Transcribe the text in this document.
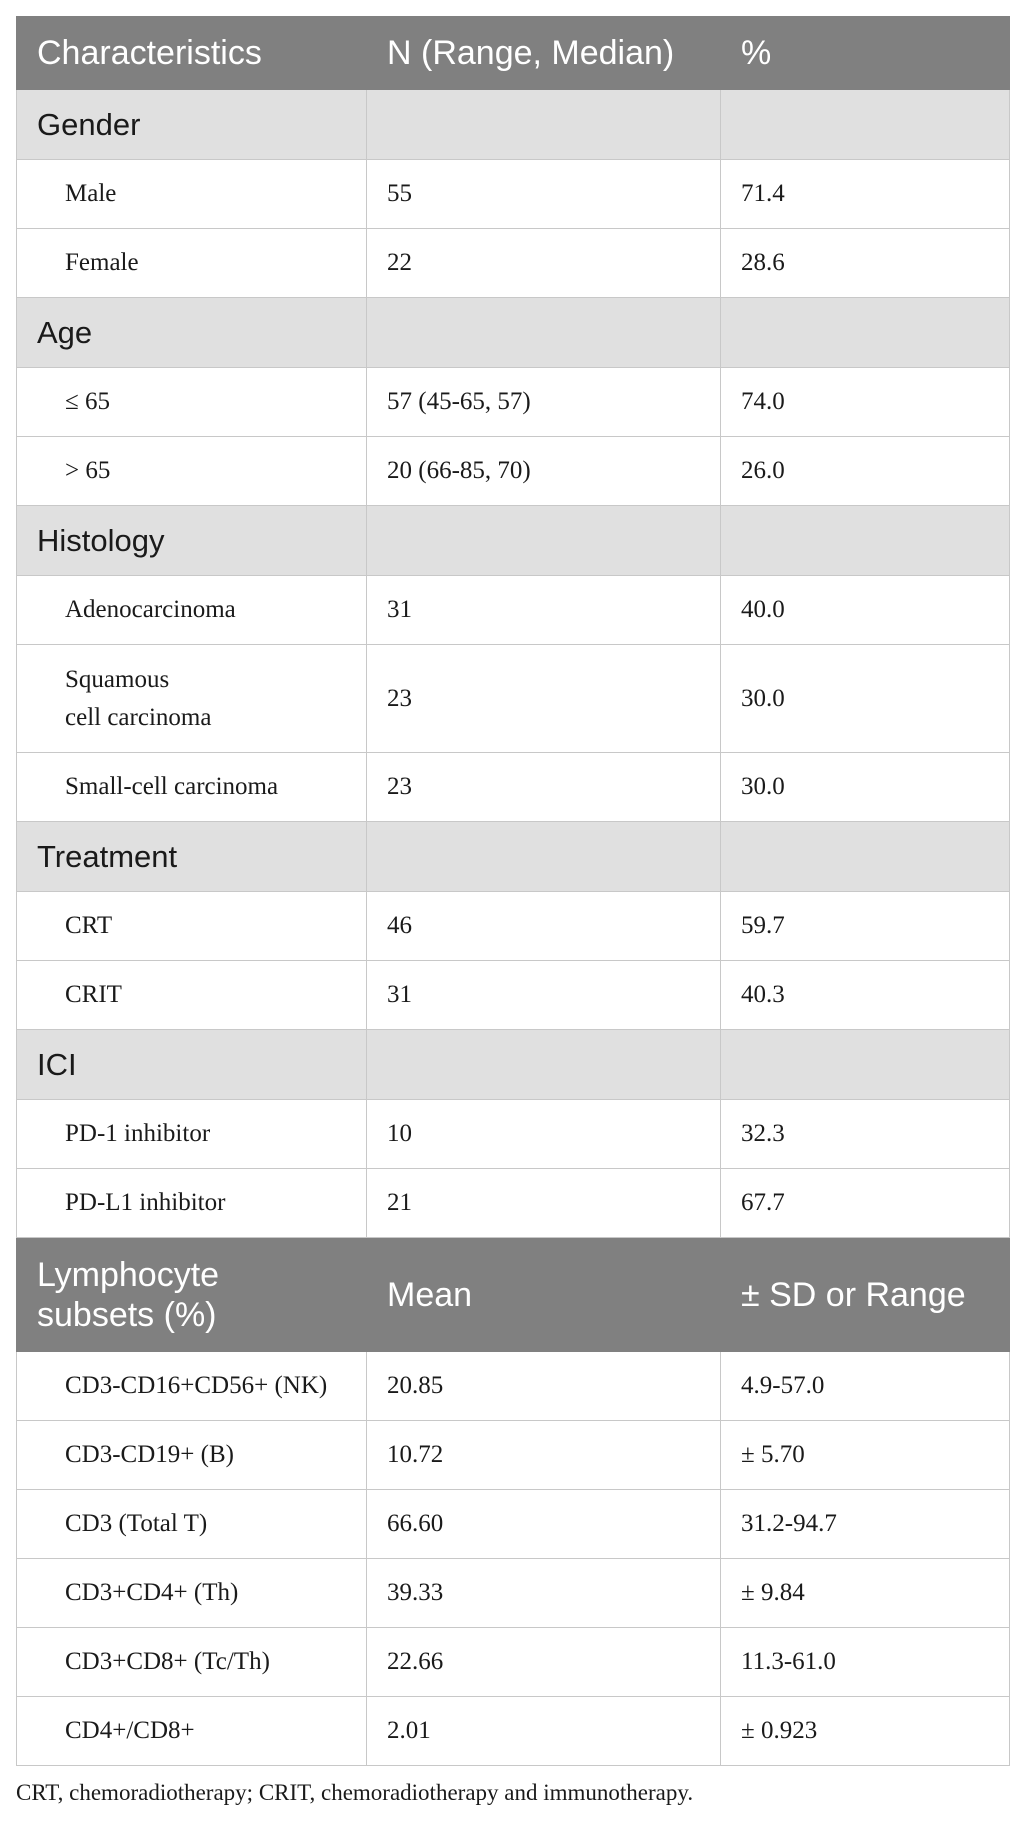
Characteristics	N (Range, Median)	%
Gender		
Male	55	71.4
Female	22	28.6
Age		
≤ 65	57 (45-65, 57)	74.0
> 65	20 (66-85, 70)	26.0
Histology		
Adenocarcinoma	31	40.0
Squamous
cell carcinoma	23	30.0
Small-cell carcinoma	23	30.0
Treatment		
CRT	46	59.7
CRIT	31	40.3
ICI		
PD-1 inhibitor	10	32.3
PD-L1 inhibitor	21	67.7
Lymphocyte
subsets (%)	Mean	± SD or Range
CD3-CD16+CD56+ (NK)	20.85	4.9-57.0
CD3-CD19+ (B)	10.72	± 5.70
CD3 (Total T)	66.60	31.2-94.7
CD3+CD4+ (Th)	39.33	± 9.84
CD3+CD8+ (Tc/Th)	22.66	11.3-61.0
CD4+/CD8+	2.01	± 0.923
CRT, chemoradiotherapy; CRIT, chemoradiotherapy and immunotherapy.
